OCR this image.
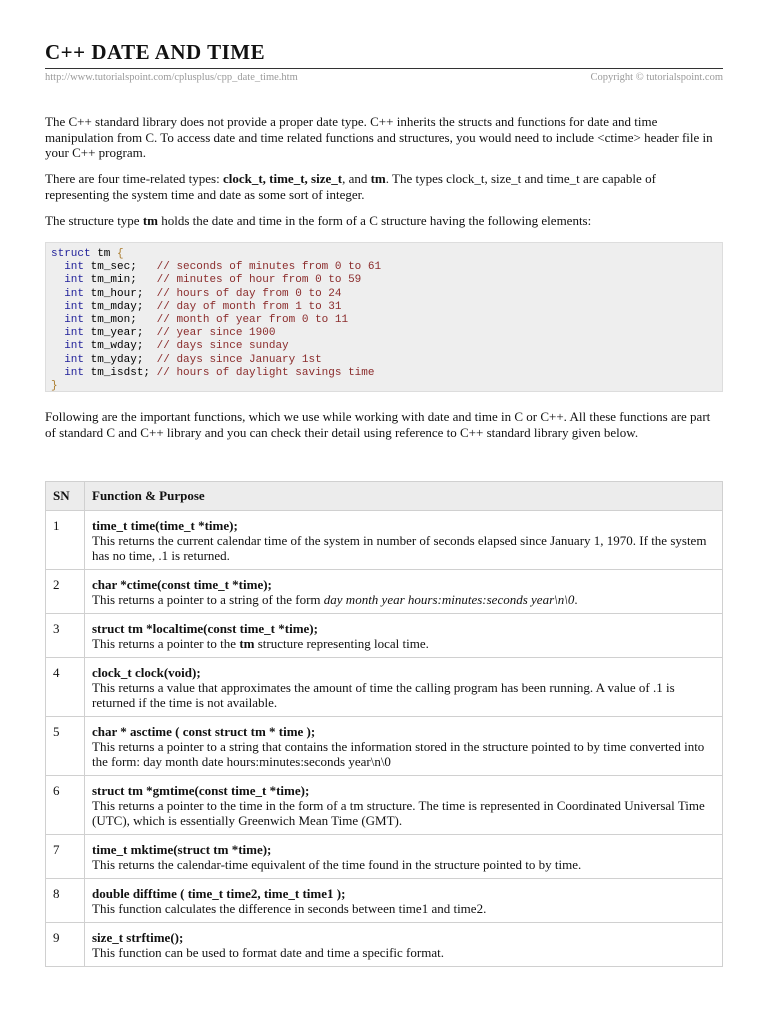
C++ DATE AND TIME
http://www.tutorialspoint.com/cplusplus/cpp_date_time.htm	Copyright © tutorialspoint.com

The C++ standard library does not provide a proper date type. C++ inherits the structs and functions for date and time manipulation from C. To access date and time related functions and structures, you would need to include <ctime> header file in your C++ program.

There are four time-related types: clock_t, time_t, size_t, and tm. The types clock_t, size_t and time_t are capable of representing the system time and date as some sort of integer.

The structure type tm holds the date and time in the form of a C structure having the following elements:

struct tm {
int tm_sec;   // seconds of minutes from 0 to 61
int tm_min;   // minutes of hour from 0 to 59
int tm_hour;  // hours of day from 0 to 24
int tm_mday;  // day of month from 1 to 31
int tm_mon;   // month of year from 0 to 11
int tm_year;  // year since 1900
int tm_wday;  // days since sunday
int tm_yday;  // days since January 1st
int tm_isdst; // hours of daylight savings time
}

Following are the important functions, which we use while working with date and time in C or C++. All these functions are part of standard C and C++ library and you can check their detail using reference to C++ standard library given below.

SN	Function & Purpose
1	time_t time(time_t *time);
This returns the current calendar time of the system in number of seconds elapsed since January 1, 1970. If the system has no time, .1 is returned.

2	char *ctime(const time_t *time);
This returns a pointer to a string of the form day month year hours:minutes:seconds year\n\0.

3	struct tm *localtime(const time_t *time);
This returns a pointer to the tm structure representing local time.

4	clock_t clock(void);
This returns a value that approximates the amount of time the calling program has been running. A value of .1 is returned if the time is not available.

5	char * asctime ( const struct tm * time );
This returns a pointer to a string that contains the information stored in the structure pointed to by time converted into the form: day month date hours:minutes:seconds year\n\0

6	struct tm *gmtime(const time_t *time);
This returns a pointer to the time in the form of a tm structure. The time is represented in Coordinated Universal Time (UTC), which is essentially Greenwich Mean Time (GMT).

7	time_t mktime(struct tm *time);
This returns the calendar-time equivalent of the time found in the structure pointed to by time.

8	double difftime ( time_t time2, time_t time1 );
This function calculates the difference in seconds between time1 and time2.

9	size_t strftime();
This function can be used to format date and time a specific format.
